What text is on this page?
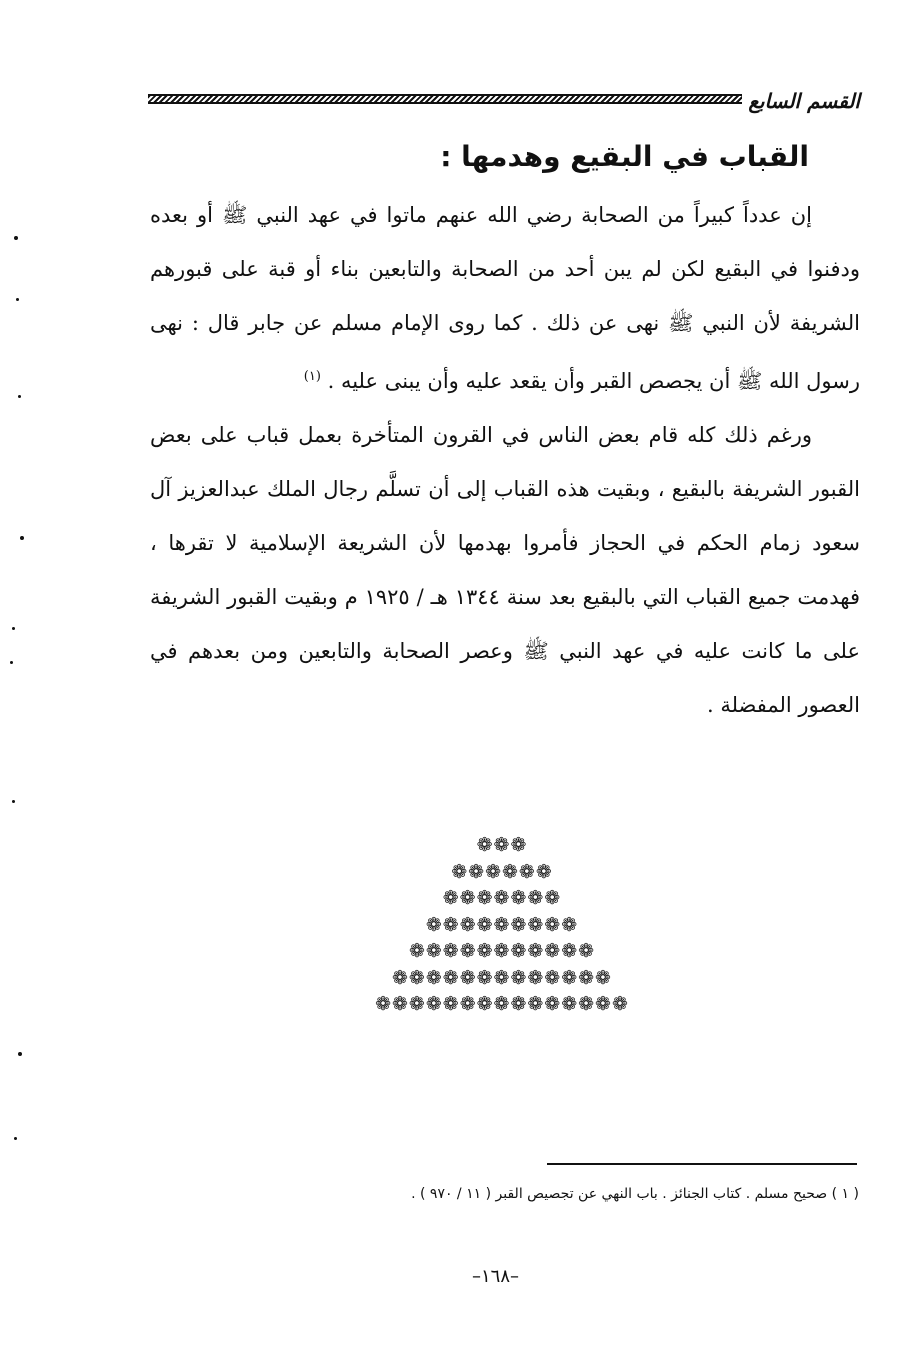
القسم السابع
القباب في البقيع وهدمها :

إن عدداً كبيراً من الصحابة رضي الله عنهم ماتوا في عهد النبي ﷺ أو بعده ودفنوا في البقيع لكن لم يبن أحد من الصحابة والتابعين بناء أو قبة على قبورهم الشريفة لأن النبي ﷺ نهى عن ذلك . كما روى الإمام مسلم عن جابر قال : نهى رسول الله ﷺ أن يجصص القبر وأن يقعد عليه وأن يبنى عليه . $^{(١)}$

ورغم ذلك كله قام بعض الناس في القرون المتأخرة بعمل قباب على بعض القبور الشريفة بالبقيع ، وبقيت هذه القباب إلى أن تسلَّم رجال الملك عبدالعزيز آل سعود زمام الحكم في الحجاز فأمروا بهدمها لأن الشريعة الإسلامية لا تقرها ، فهدمت جميع القباب التي بالبقيع بعد سنة ١٣٤٤ هـ / ١٩٢٥ م وبقيت القبور الشريفة على ما كانت عليه في عهد النبي ﷺ وعصر الصحابة والتابعين ومن بعدهم في العصور المفضلة .

❁❁❁
❁❁❁❁❁❁
❁❁❁❁❁❁❁
❁❁❁❁❁❁❁❁❁
❁❁❁❁❁❁❁❁❁❁❁
❁❁❁❁❁❁❁❁❁❁❁❁❁
❁❁❁❁❁❁❁❁❁❁❁❁❁❁❁
( ١ ) صحيح مسلم . كتاب الجنائز . باب النهي عن تجصيص القبر ( ١١ / ٩٧٠ ) .
–١٦٨–
